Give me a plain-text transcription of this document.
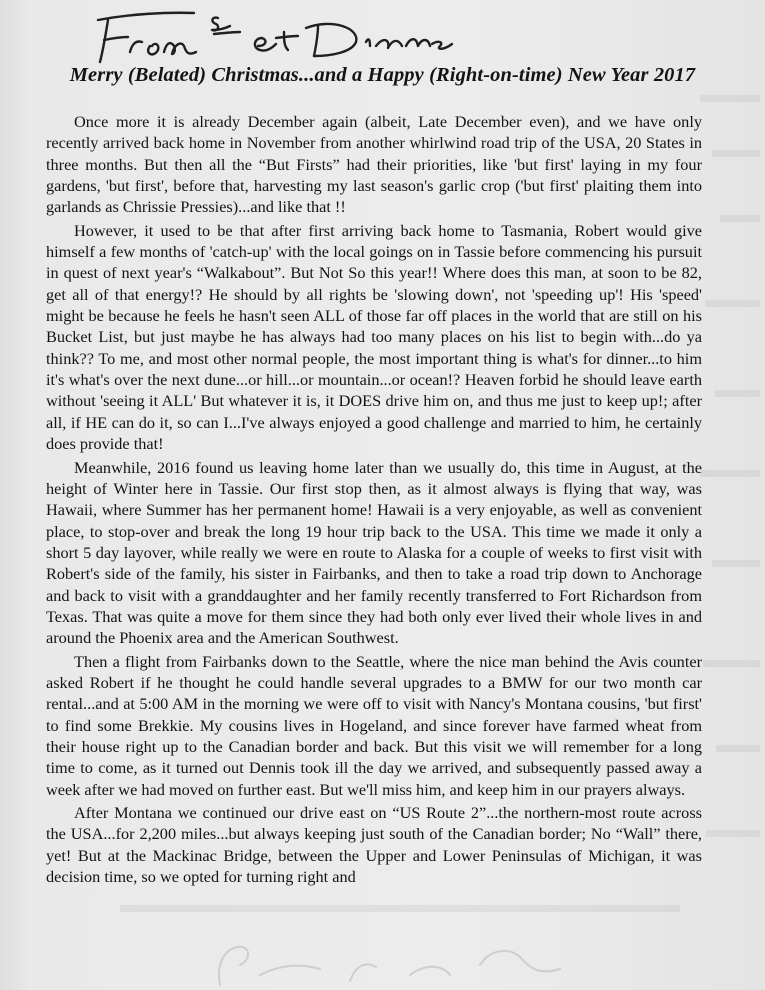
Merry (Belated) Christmas...and a Happy (Right-on-time) New Year 2017

Once more it is already December again (albeit, Late December even), and we have only recently arrived back home in November from another whirlwind road trip of the USA, 20 States in three months. But then all the “But Firsts” had their priorities, like 'but first' laying in my four gardens, 'but first', before that, harvesting my last season's garlic crop ('but first' plaiting them into garlands as Chrissie Pressies)...and like that !!

However, it used to be that after first arriving back home to Tasmania, Robert would give himself a few months of 'catch-up' with the local goings on in Tassie before commencing his pursuit in quest of next year's “Walkabout”. But Not So this year!! Where does this man, at soon to be 82, get all of that energy!? He should by all rights be 'slowing down', not 'speeding up'! His 'speed' might be because he feels he hasn't seen ALL of those far off places in the world that are still on his Bucket List, but just maybe he has always had too many places on his list to begin with...do ya think?? To me, and most other normal people, the most important thing is what's for dinner...to him it's what's over the next dune...or hill...or mountain...or ocean!? Heaven forbid he should leave earth without 'seeing it ALL' But whatever it is, it DOES drive him on, and thus me just to keep up!; after all, if HE can do it, so can I...I've always enjoyed a good challenge and married to him, he certainly does provide that!

Meanwhile, 2016 found us leaving home later than we usually do, this time in August, at the height of Winter here in Tassie. Our first stop then, as it almost always is flying that way, was Hawaii, where Summer has her permanent home! Hawaii is a very enjoyable, as well as convenient place, to stop-over and break the long 19 hour trip back to the USA. This time we made it only a short 5 day layover, while really we were en route to Alaska for a couple of weeks to first visit with Robert's side of the family, his sister in Fairbanks, and then to take a road trip down to Anchorage and back to visit with a granddaughter and her family recently transferred to Fort Richardson from Texas. That was quite a move for them since they had both only ever lived their whole lives in and around the Phoenix area and the American Southwest.

Then a flight from Fairbanks down to the Seattle, where the nice man behind the Avis counter asked Robert if he thought he could handle several upgrades to a BMW for our two month car rental...and at 5:00 AM in the morning we were off to visit with Nancy's Montana cousins, 'but first' to find some Brekkie. My cousins lives in Hogeland, and since forever have farmed wheat from their house right up to the Canadian border and back. But this visit we will remember for a long time to come, as it turned out Dennis took ill the day we arrived, and subsequently passed away a week after we had moved on further east. But we'll miss him, and keep him in our prayers always.

After Montana we continued our drive east on “US Route 2”...the northern-most route across the USA...for 2,200 miles...but always keeping just south of the Canadian border; No “Wall” there, yet! But at the Mackinac Bridge, between the Upper and Lower Peninsulas of Michigan, it was decision time, so we opted for turning right and
